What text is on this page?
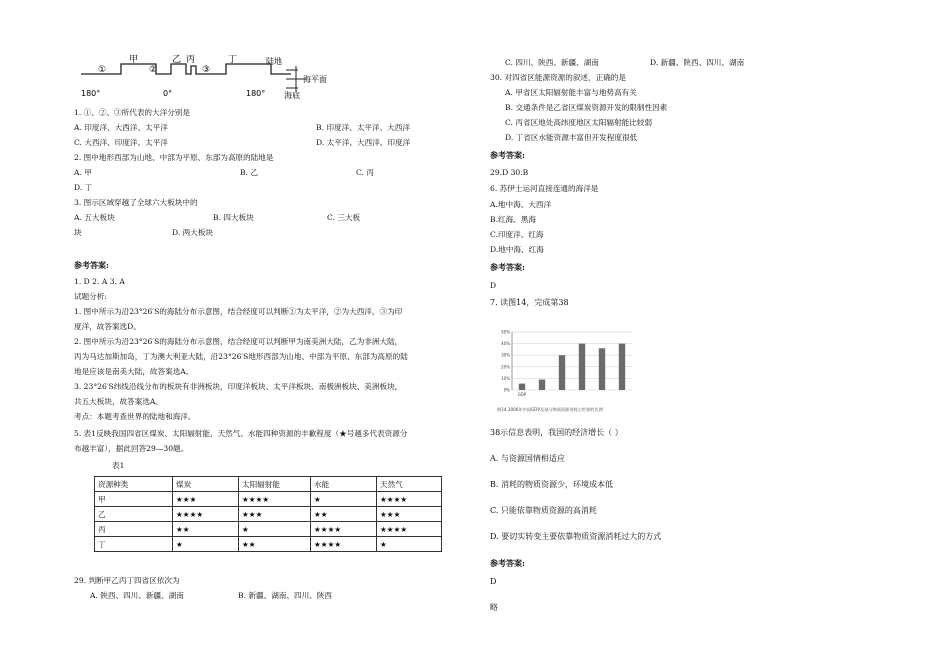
①
甲
②
乙 丙
③
丁	陆地
海平面
海底
180°	0°	180°
1. ①、②、③所代表的大洋分别是
A. 印度洋、大西洋、太平洋	B. 印度洋、太平洋、大西洋
C. 大西洋、印度洋、太平洋	D. 太平洋、大西洋、印度洋
2. 图中地形西部为山地、中部为平原、东部为高原的陆地是
A. 甲	B. 乙	C. 丙
D. 丁
3. 图示区域穿越了全球六大板块中的
A. 五大板块	B. 四大板块	C. 三大板
块	D. 两大板块
参考答案:
1. D 2. A 3. A
试题分析:
1. 图中所示为沿23°26′S的海陆分布示意图，结合经度可以判断①为太平洋，②为大西洋，③为印
度洋，故答案选D。
2. 图中所示为沿23°26′S的海陆分布示意图，结合经度可以判断甲为南美洲大陆，乙为非洲大陆，
丙为马达加斯加岛，丁为澳大利亚大陆，沿23°26′S地形西部为山地、中部为平原、东部为高原的陆
地是应该是南美大陆，故答案选A。
3. 23°26′S纬线沿线分布的板块有非洲板块，印度洋板块、太平洋板块、南极洲板块、美洲板块，
共五大板块，故答案选A。
考点：本题考查世界的陆地和海洋。
5. 表1反映我国四省区煤炭、太阳辐射能、天然气、水能四种资源的丰歉程度（★号越多代表资源分
布越丰富），据此回答29—30题。
表1
资源种类	煤炭	太阳辐射能	水能	天然气
甲	★★★	★★★★	★	★★★★
乙	★★★★	★★★	★★	★★★
丙	★★	★	★★★★	★★★★
丁	★	★★	★★★★	★
29. 判断甲乙丙丁四省区依次为
A. 陕西、四川、新疆、湖南	B. 新疆、湖南、四川、陕西
C. 四川、陕西、新疆、湖南	D. 新疆、陕西、四川、湖南
30. 对四省区能源资源的叙述，正确的是
A. 甲省区太阳辐射能丰富与地势高有关
B. 交通条件是乙省区煤炭资源开发的限制性因素
C. 丙省区地处高纬度地区太阳辐射能比较弱
D. 丁省区水能资源丰富但开发程度很低
参考答案:
29.D 30.B
6. 苏伊士运河直接连通的海洋是
A.地中海、大西洋
B.红海、黑海
C.印度洋、红海
D.地中海、红海
参考答案:
D
7. 读图14，完成第38
50%
40%
30%
20%
10%
0%
GDP
图14 2006年中国GDP及部分物质资源消耗占世界的比例
38示信息表明，我国的经济增长（ ）
A. 与资源国情相适应
B. 消耗的物质资源少，环境成本低
C. 只能依靠物质资源的高消耗
D. 要切实转变主要依靠物质资源消耗过大的方式
参考答案:
D
略
